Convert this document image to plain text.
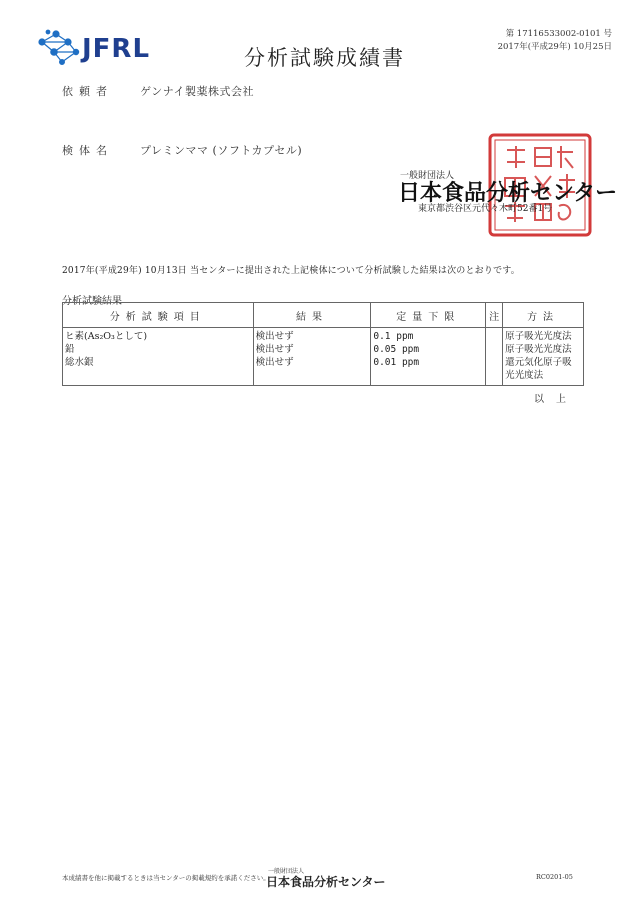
JFRL	分析試験成績書
第 17116533002-0101 号
2017年(平成29年) 10月25日
依頼者 ゲンナイ製薬株式会社
検体名 プレミンママ (ソフトカプセル)
一般財団法人
日本食品分析センター
東京都渋谷区元代々木町52番1号
2017年(平成29年) 10月13日 当センターに提出された上記検体について分析試験した結果は次のとおりです。
分析試験結果
分析試験項目	結果	定量下限	注	方法
ヒ素(As₂O₃として)	検出せず	0.1 ppm		原子吸光光度法
鉛	検出せず	0.05 ppm		原子吸光光度法
総水銀	検出せず	0.01 ppm		還元気化原子吸光光度法
以上
本成績書を他に掲載するときは当センターの掲載規約を承諾ください。
一般財団法人
日本食品分析センター	RC0201-05
